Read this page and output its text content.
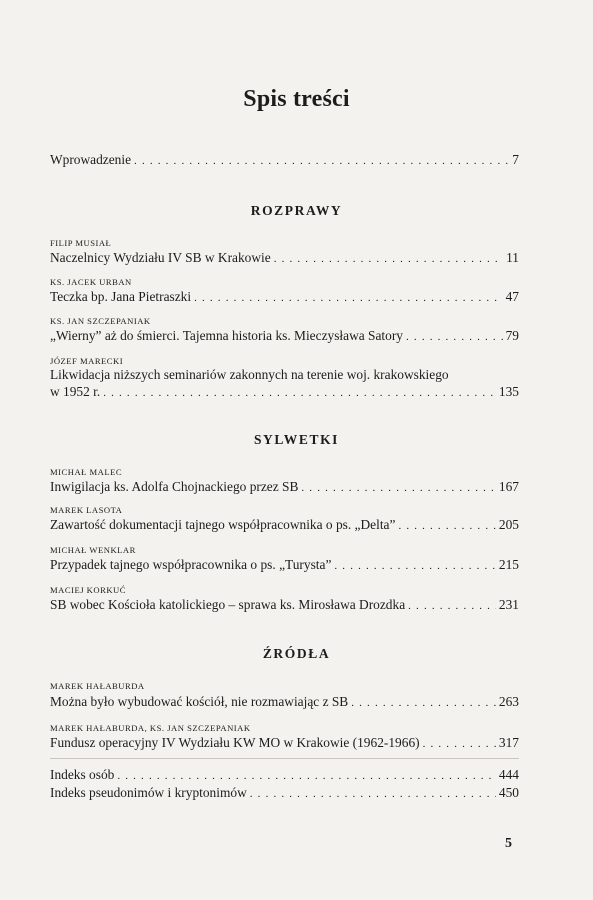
Spis treści
Wprowadzenie . . .	7
ROZPRAWY
FILIP MUSIAŁ
Naczelnicy Wydziału IV SB w Krakowie . . .	11
KS. JACEK URBAN
Teczka bp. Jana Pietraszki . . .	47
KS. JAN SZCZEPANIAK
„Wierny” aż do śmierci. Tajemna historia ks. Mieczysława Satory . . .	79
JÓZEF MARECKI
Likwidacja niższych seminariów zakonnych na terenie woj. krakowskiego
w 1952 r. . . .	135
SYLWETKI
MICHAŁ MALEC
Inwigilacja ks. Adolfa Chojnackiego przez SB . . .	167
MAREK LASOTA
Zawartość dokumentacji tajnego współpracownika o ps. „Delta” . . .	205
MICHAŁ WENKLAR
Przypadek tajnego współpracownika o ps. „Turysta” . . .	215
MACIEJ KORKUĆ
SB wobec Kościoła katolickiego – sprawa ks. Mirosława Drozdka . . .	231
ŹRÓDŁA
MAREK HAŁABURDA
Można było wybudować kościół, nie rozmawiając z SB . . .	263
MAREK HAŁABURDA, KS. JAN SZCZEPANIAK
Fundusz operacyjny IV Wydziału KW MO w Krakowie (1962-1966) . . .	317
Indeks osób . . .	444
Indeks pseudonimów i kryptonimów . . .	450
5
